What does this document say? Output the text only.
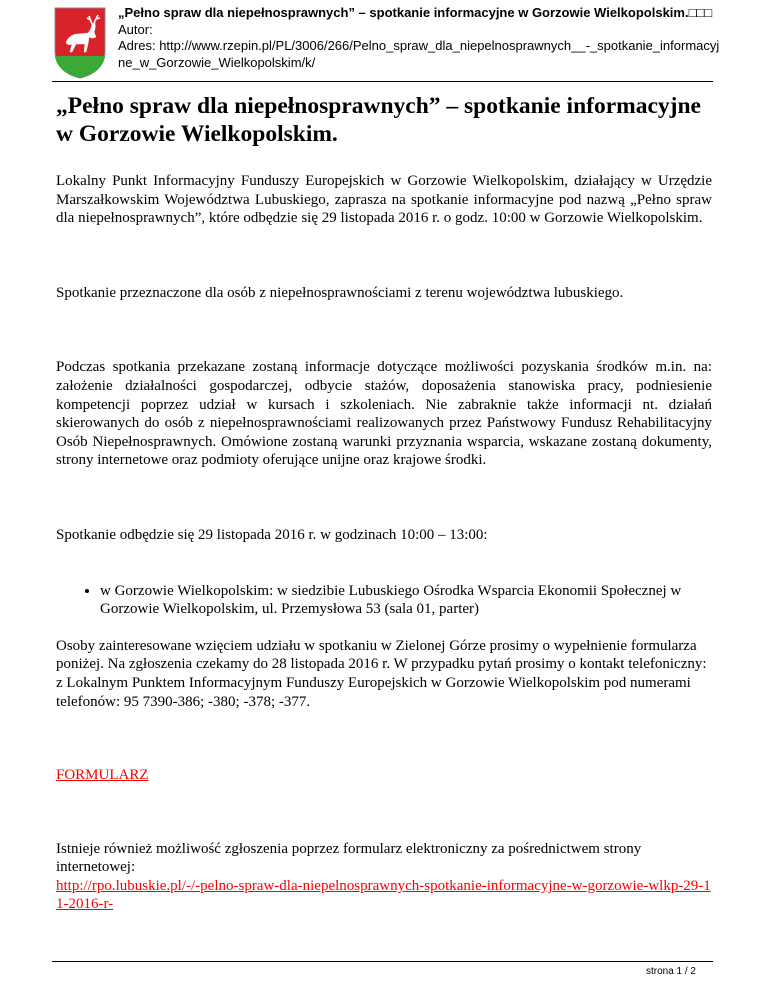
„Pełno spraw dla niepełnosprawnych” – spotkanie informacyjne w Gorzowie Wielkopolskim.□□□
Autor:
Adres: http://www.rzepin.pl/PL/3006/266/Pelno_spraw_dla_niepelnosprawnych__-_spotkanie_informacyj
ne_w_Gorzowie_Wielkopolskim/k/
„Pełno spraw dla niepełnosprawnych” – spotkanie informacyjne
w Gorzowie Wielkopolskim.

Lokalny Punkt Informacyjny Funduszy Europejskich w Gorzowie Wielkopolskim, działający w Urzędzie Marszałkowskim Województwa Lubuskiego, zaprasza na spotkanie informacyjne pod nazwą „Pełno spraw dla niepełnosprawnych”, które odbędzie się 29 listopada 2016 r. o godz. 10:00 w Gorzowie Wielkopolskim.

Spotkanie przeznaczone dla osób z niepełnosprawnościami z terenu województwa lubuskiego.

Podczas spotkania przekazane zostaną informacje dotyczące możliwości pozyskania środków m.in. na: założenie działalności gospodarczej, odbycie stażów, doposażenia stanowiska pracy, podniesienie kompetencji poprzez udział w kursach i szkoleniach. Nie zabraknie także informacji nt. działań skierowanych do osób z niepełnosprawnościami realizowanych przez Państwowy Fundusz Rehabilitacyjny Osób Niepełnosprawnych. Omówione zostaną warunki przyznania wsparcia, wskazane zostaną dokumenty, strony internetowe oraz podmioty oferujące unijne oraz krajowe środki.

Spotkanie odbędzie się 29 listopada 2016 r. w godzinach 10:00 – 13:00:

• w Gorzowie Wielkopolskim: w siedzibie Lubuskiego Ośrodka Wsparcia Ekonomii Społecznej w Gorzowie Wielkopolskim, ul. Przemysłowa 53 (sala 01, parter)

Osoby zainteresowane wzięciem udziału w spotkaniu w Zielonej Górze prosimy o wypełnienie formularza poniżej. Na zgłoszenia czekamy do 28 listopada 2016 r. W przypadku pytań prosimy o kontakt telefoniczny: z Lokalnym Punktem Informacyjnym Funduszy Europejskich w Gorzowie Wielkopolskim pod numerami telefonów: 95 7390-386; -380; -378; -377.

FORMULARZ

Istnieje również możliwość zgłoszenia poprzez formularz elektroniczny za pośrednictwem strony internetowej:

http://rpo.lubuskie.pl/-/-pelno-spraw-dla-niepelnosprawnych-spotkanie-informacyjne-w-gorzowie-wlkp-29-11-2016-r-

strona 1 / 2
